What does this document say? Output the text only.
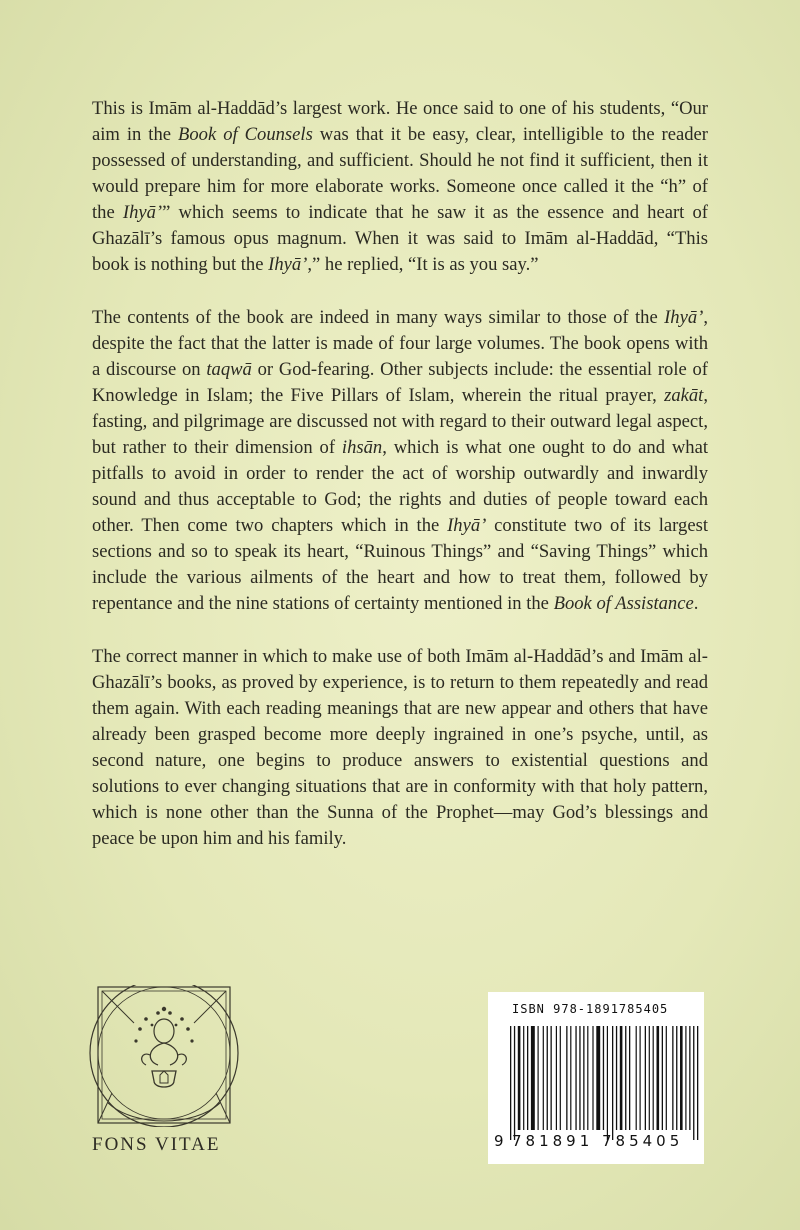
This is Imām al-Haddād’s largest work. He once said to one of his students, “Our aim in the Book of Counsels was that it be easy, clear, intelligible to the reader possessed of understanding, and sufficient. Should he not find it sufficient, then it would prepare him for more elaborate works. Someone once called it the “h” of the Ihyā’” which seems to indicate that he saw it as the essence and heart of Ghazālī’s famous opus magnum. When it was said to Imām al-Haddād, “This book is nothing but the Ihyā’,” he replied, “It is as you say.”

The contents of the book are indeed in many ways similar to those of the Ihyā’, despite the fact that the latter is made of four large volumes. The book opens with a discourse on taqwā or God-fearing. Other subjects include: the essential role of Knowledge in Islam; the Five Pillars of Islam, wherein the ritual prayer, zakāt, fasting, and pilgrimage are discussed not with regard to their outward legal aspect, but rather to their dimension of ihsān, which is what one ought to do and what pitfalls to avoid in order to render the act of worship outwardly and inwardly sound and thus acceptable to God; the rights and duties of people toward each other. Then come two chapters which in the Ihyā’ constitute two of its largest sections and so to speak its heart, “Ruinous Things” and “Saving Things” which include the various ailments of the heart and how to treat them, followed by repentance and the nine stations of certainty mentioned in the Book of Assistance.

The correct manner in which to make use of both Imām al-Haddād’s and Imām al-Ghazālī’s books, as proved by experience, is to return to them repeatedly and read them again. With each reading meanings that are new appear and others that have already been grasped become more deeply ingrained in one’s psyche, until, as second nature, one begins to produce answers to existential questions and solutions to ever changing situations that are in conformity with that holy pattern, which is none other than the Sunna of the Prophet—may God’s blessings and peace be upon him and his family.

FONS VITAE
ISBN 978-1891785405
9 781891 785405
